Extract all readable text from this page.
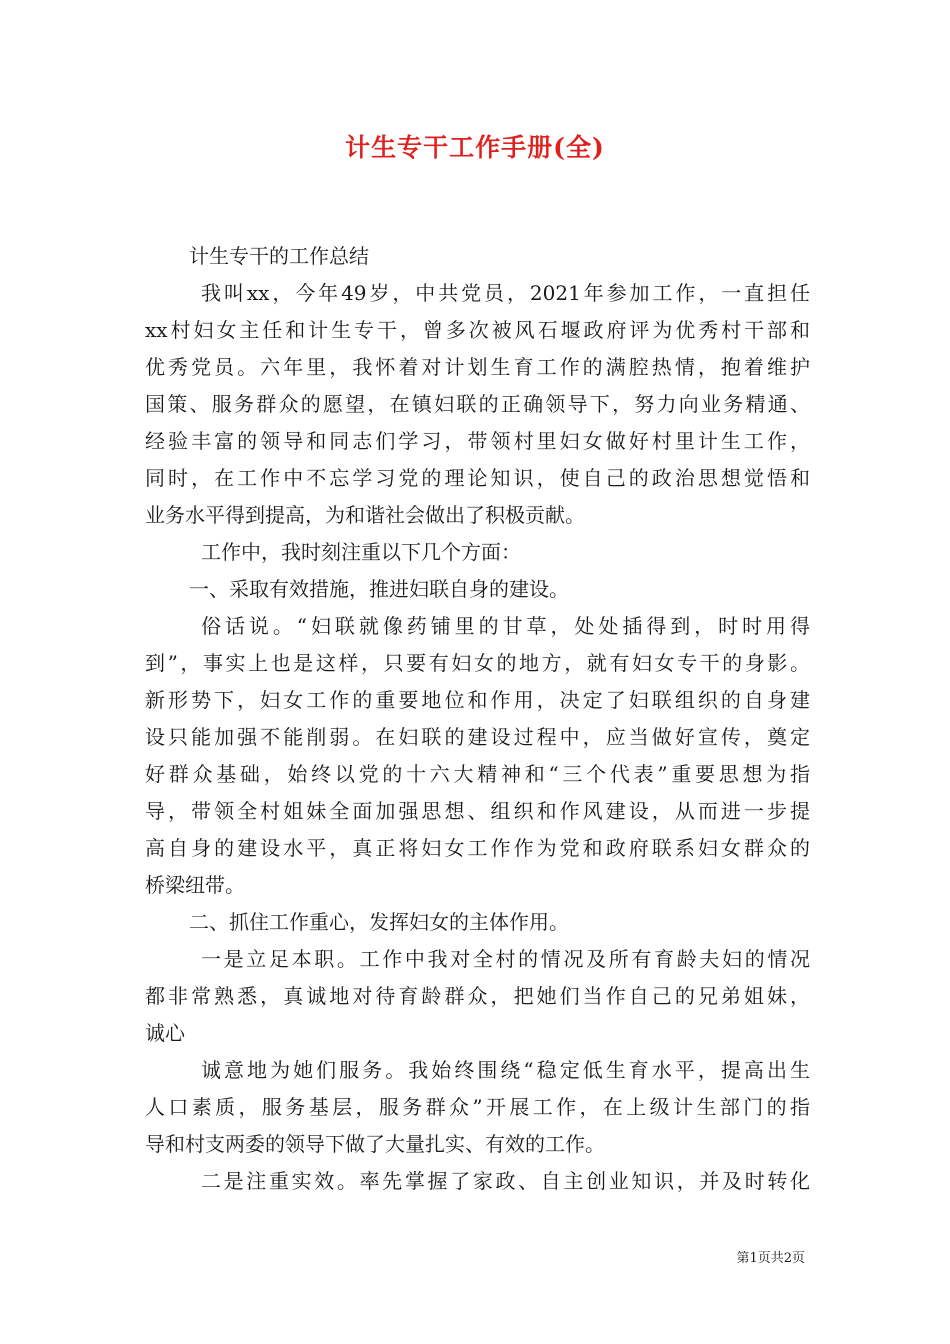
计生专干工作手册(全)

计生专干的工作总结

我叫xx，今年49岁，中共党员，2021年参加工作，一直担任

xx村妇女主任和计生专干，曾多次被风石堰政府评为优秀村干部和

优秀党员。六年里，我怀着对计划生育工作的满腔热情，抱着维护

国策、服务群众的愿望，在镇妇联的正确领导下，努力向业务精通、

经验丰富的领导和同志们学习，带领村里妇女做好村里计生工作，

同时，在工作中不忘学习党的理论知识，使自己的政治思想觉悟和

业务水平得到提高，为和谐社会做出了积极贡献。

工作中，我时刻注重以下几个方面：

一、采取有效措施，推进妇联自身的建设。

俗话说。“妇联就像药铺里的甘草，处处插得到，时时用得

到”，事实上也是这样，只要有妇女的地方，就有妇女专干的身影。

新形势下，妇女工作的重要地位和作用，决定了妇联组织的自身建

设只能加强不能削弱。在妇联的建设过程中，应当做好宣传，奠定

好群众基础，始终以党的十六大精神和“三个代表”重要思想为指

导，带领全村姐妹全面加强思想、组织和作风建设，从而进一步提

高自身的建设水平，真正将妇女工作作为党和政府联系妇女群众的

桥梁纽带。

二、抓住工作重心，发挥妇女的主体作用。

一是立足本职。工作中我对全村的情况及所有育龄夫妇的情况

都非常熟悉，真诚地对待育龄群众，把她们当作自己的兄弟姐妹，

诚心

诚意地为她们服务。我始终围绕“稳定低生育水平，提高出生

人口素质，服务基层，服务群众”开展工作，在上级计生部门的指

导和村支两委的领导下做了大量扎实、有效的工作。

二是注重实效。率先掌握了家政、自主创业知识，并及时转化

第1页共2页
